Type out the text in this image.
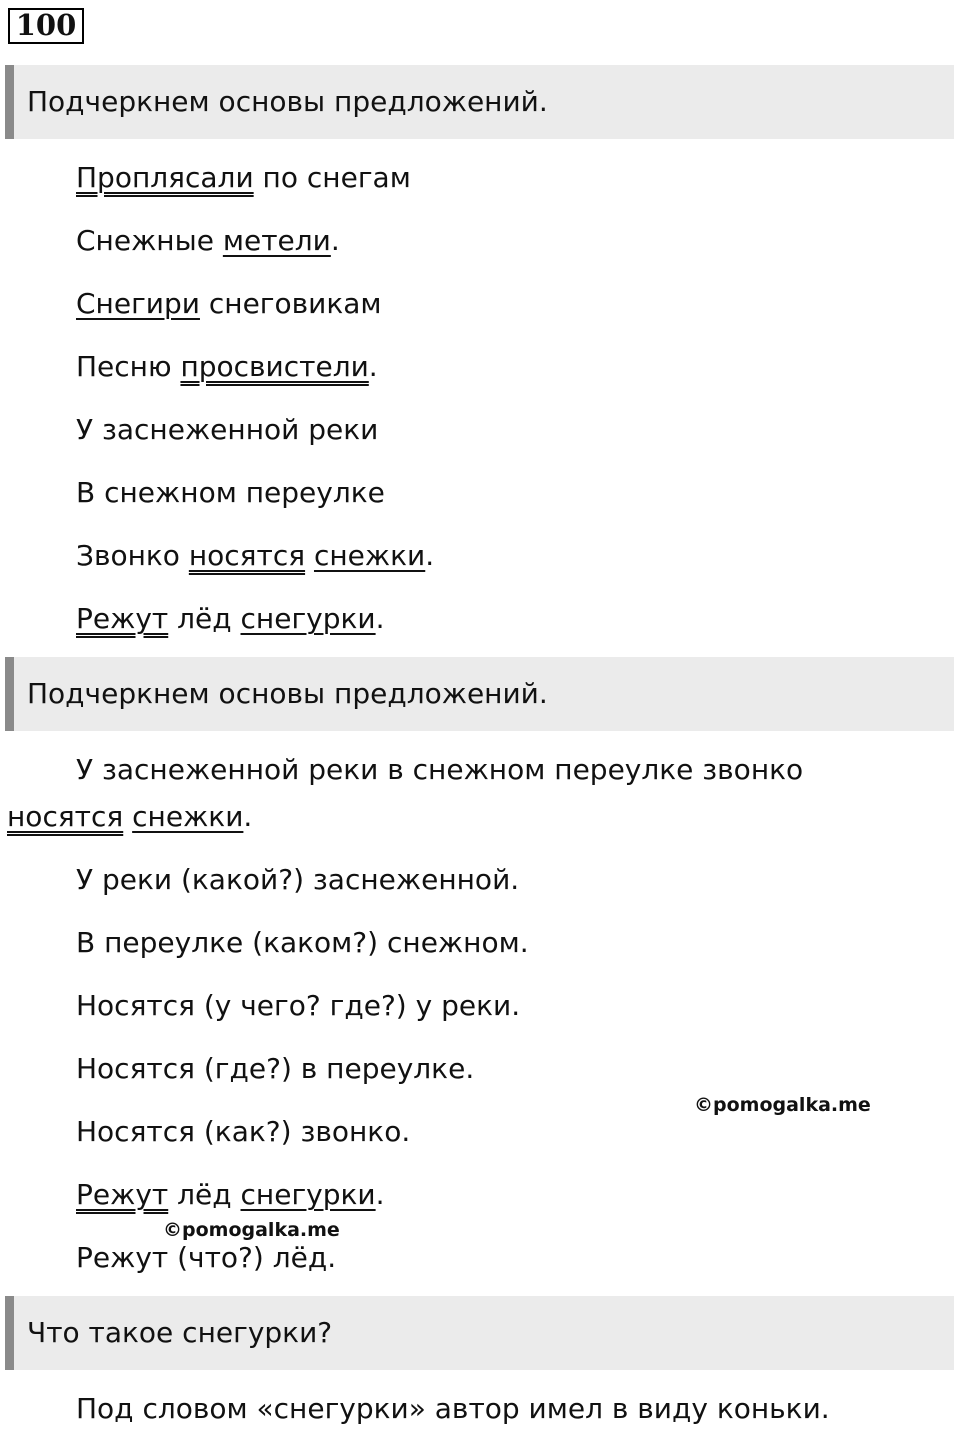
100
Подчеркнем основы предложений.
Проплясали по снегам
Снежные метели.
Снегири снеговикам
Песню просвистели.
У заснеженной реки
В снежном переулке
Звонко носятся снежки.
Режут лёд снегурки.
Подчеркнем основы предложений.
У заснеженной реки в снежном переулке звонко
носятся снежки.
У реки (какой?) заснеженной.
В переулке (каком?) снежном.
Носятся (у чего? где?) у реки.
Носятся (где?) в переулке.
©pomogalka.me
Носятся (как?) звонко.
Режут лёд снегурки.
©pomogalka.me
Режут (что?) лёд.
Что такое снегурки?
Под словом «снегурки» автор имел в виду коньки.
